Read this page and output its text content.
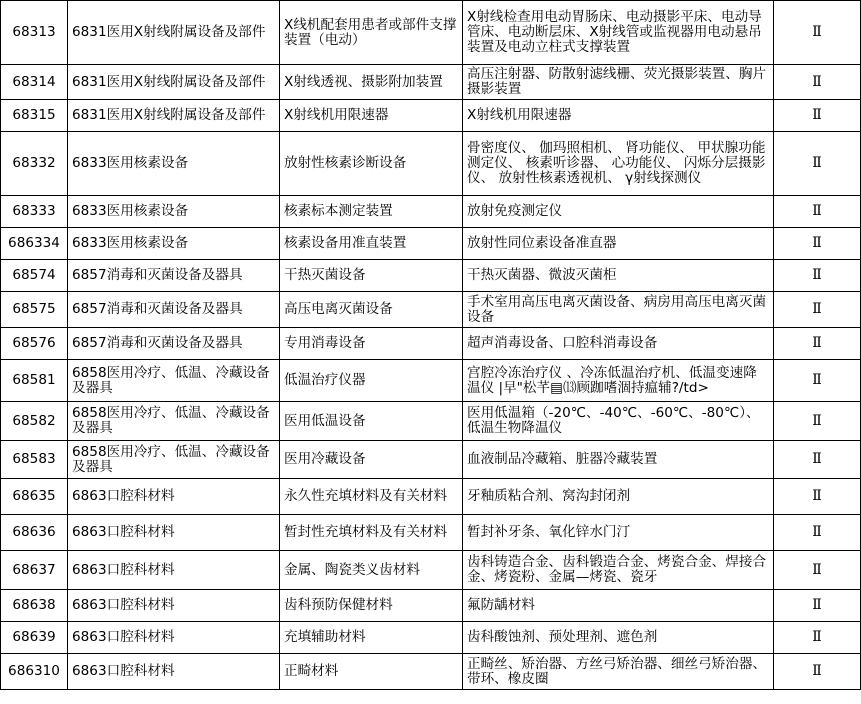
68313	6831医用X射线附属设备及部件	X线机配套用患者或部件支撑装置（电动）	X射线检查用电动胃肠床、电动摄影平床、电动导管床、电动断层床、X射线管或监视器用电动悬吊装置及电动立柱式支撑装置	Ⅱ
68314	6831医用X射线附属设备及部件	X射线透视、摄影附加装置	高压注射器、防散射滤线栅、荧光摄影装置、胸片摄影装置	Ⅱ
68315	6831医用X射线附属设备及部件	X射线机用限速器	X射线机用限速器	Ⅱ
68332	6833医用核素设备	放射性核素诊断设备	骨密度仪、 伽玛照相机、 肾功能仪、 甲状腺功能测定仪、 核素听诊器、 心功能仪、 闪烁分层摄影仪、 放射性核素透视机、 γ射线探测仪	Ⅱ
68333	6833医用核素设备	核素标本测定装置	放射免疫测定仪	Ⅱ
686334	6833医用核素设备	核素设备用准直装置	放射性同位素设备准直器	Ⅱ
68574	6857消毒和灭菌设备及器具	干热灭菌设备	干热灭菌器、微波灭菌柜	Ⅱ
68575	6857消毒和灭菌设备及器具	高压电离灭菌设备	手术室用高压电离灭菌设备、病房用高压电离灭菌设备	Ⅱ
68576	6857消毒和灭菌设备及器具	专用消毒设备	超声消毒设备、口腔科消毒设备	Ⅱ
68581	6858医用冷疗、低温、冷藏设备及器具	低温治疗仪器	宫腔冷冻治疗仪 、冷冻低温治疗机、低温变速降温仪 |早"松芊▤⒀顾跏嗜涸持瘟辅?/td>	Ⅱ
68582	6858医用冷疗、低温、冷藏设备及器具	医用低温设备	医用低温箱（-20℃、-40℃、-60℃、-80℃）、低温生物降温仪	Ⅱ
68583	6858医用冷疗、低温、冷藏设备及器具	医用冷藏设备	血液制品冷藏箱、脏器冷藏装置	Ⅱ
68635	6863口腔科材料	永久性充填材料及有关材料	牙釉质粘合剂、窝沟封闭剂	Ⅱ
68636	6863口腔科材料	暂封性充填材料及有关材料	暂封补牙条、氧化锌水门汀	Ⅱ
68637	6863口腔科材料	金属、陶瓷类义齿材料	齿科铸造合金、齿科锻造合金、烤瓷合金、焊接合金、烤瓷粉、金属—烤瓷、瓷牙	Ⅱ
68638	6863口腔科材料	齿科预防保健材料	氟防龋材料	Ⅱ
68639	6863口腔科材料	充填辅助材料	齿科酸蚀剂、预处理剂、遮色剂	Ⅱ
686310	6863口腔科材料	正畸材料	正畸丝、矫治器、方丝弓矫治器、细丝弓矫治器、带环、橡皮圈	Ⅱ
